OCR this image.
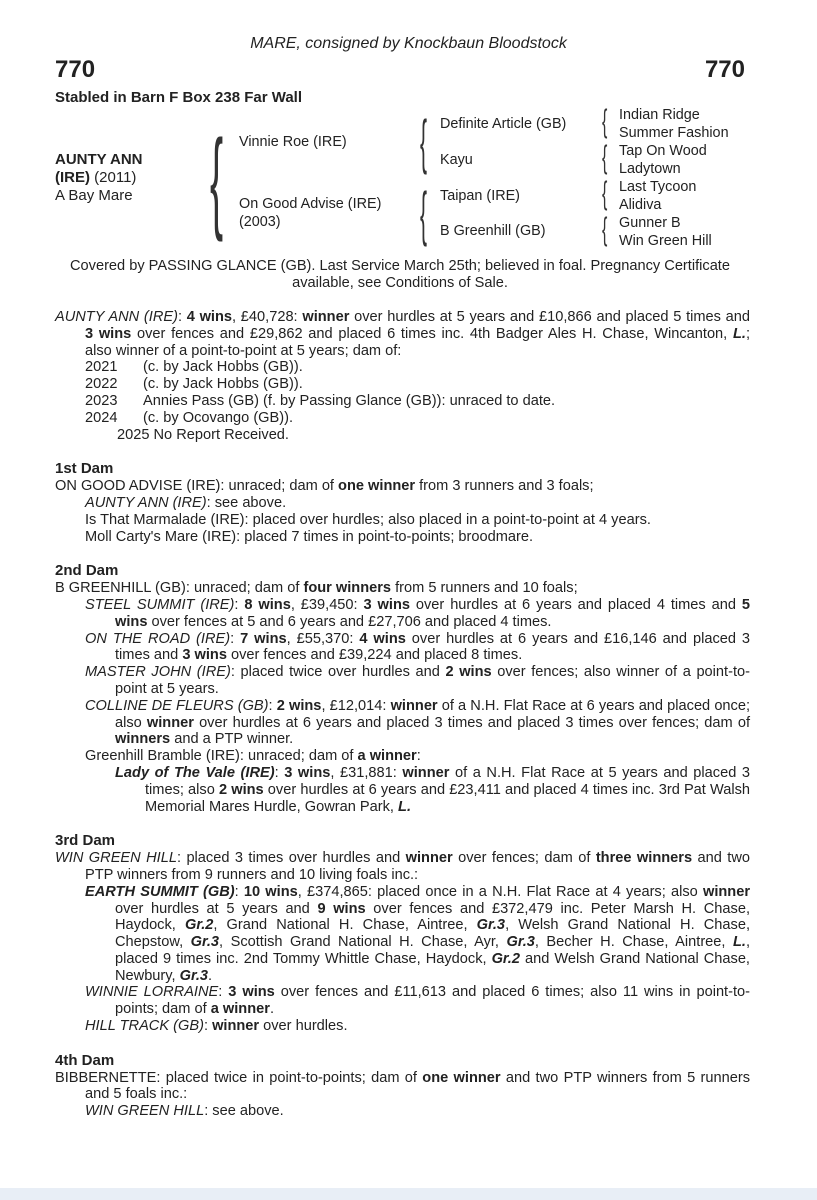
MARE, consigned by Knockbaun Bloodstock
770	770
Stabled in Barn F Box 238 Far Wall
AUNTY ANN
(IRE) (2011)
A Bay Mare {	{
{
{
{
{
{
Vinnie Roe (IRE)
On Good Advise (IRE)
(2003)
Definite Article (GB)
Kayu
Taipan (IRE)
B Greenhill (GB)
Indian Ridge
Summer Fashion
Tap On Wood
Ladytown
Last Tycoon
Alidiva
Gunner B
Win Green Hill
Covered by PASSING GLANCE (GB). Last Service March 25th; believed in foal. Pregnancy Certificate available, see Conditions of Sale.

AUNTY ANN (IRE): 4 wins, £40,728: winner over hurdles at 5 years and £10,866 and placed 5 times and 3 wins over fences and £29,862 and placed 6 times inc. 4th Badger Ales H. Chase, Wincanton, L.; also winner of a point-to-point at 5 years; dam of:

2021 (c. by Jack Hobbs (GB)).

2022 (c. by Jack Hobbs (GB)).

2023 Annies Pass (GB) (f. by Passing Glance (GB)): unraced to date.

2024 (c. by Ocovango (GB)).

2025 No Report Received.

1st Dam

ON GOOD ADVISE (IRE): unraced; dam of one winner from 3 runners and 3 foals;

AUNTY ANN (IRE): see above.

Is That Marmalade (IRE): placed over hurdles; also placed in a point-to-point at 4 years.

Moll Carty's Mare (IRE): placed 7 times in point-to-points; broodmare.

2nd Dam

B GREENHILL (GB): unraced; dam of four winners from 5 runners and 10 foals;

STEEL SUMMIT (IRE): 8 wins, £39,450: 3 wins over hurdles at 6 years and placed 4 times and 5 wins over fences at 5 and 6 years and £27,706 and placed 4 times.

ON THE ROAD (IRE): 7 wins, £55,370: 4 wins over hurdles at 6 years and £16,146 and placed 3 times and 3 wins over fences and £39,224 and placed 8 times.

MASTER JOHN (IRE): placed twice over hurdles and 2 wins over fences; also winner of a point-to-point at 5 years.

COLLINE DE FLEURS (GB): 2 wins, £12,014: winner of a N.H. Flat Race at 6 years and placed once; also winner over hurdles at 6 years and placed 3 times and placed 3 times over fences; dam of winners and a PTP winner.

Greenhill Bramble (IRE): unraced; dam of a winner:

Lady of The Vale (IRE): 3 wins, £31,881: winner of a N.H. Flat Race at 5 years and placed 3 times; also 2 wins over hurdles at 6 years and £23,411 and placed 4 times inc. 3rd Pat Walsh Memorial Mares Hurdle, Gowran Park, L.

3rd Dam

WIN GREEN HILL: placed 3 times over hurdles and winner over fences; dam of three winners and two PTP winners from 9 runners and 10 living foals inc.:

EARTH SUMMIT (GB): 10 wins, £374,865: placed once in a N.H. Flat Race at 4 years; also winner over hurdles at 5 years and 9 wins over fences and £372,479 inc. Peter Marsh H. Chase, Haydock, Gr.2, Grand National H. Chase, Aintree, Gr.3, Welsh Grand National H. Chase, Chepstow, Gr.3, Scottish Grand National H. Chase, Ayr, Gr.3, Becher H. Chase, Aintree, L., placed 9 times inc. 2nd Tommy Whittle Chase, Haydock, Gr.2 and Welsh Grand National Chase, Newbury, Gr.3.

WINNIE LORRAINE: 3 wins over fences and £11,613 and placed 6 times; also 11 wins in point-to-points; dam of a winner.

HILL TRACK (GB): winner over hurdles.

4th Dam

BIBBERNETTE: placed twice in point-to-points; dam of one winner and two PTP winners from 5 runners and 5 foals inc.:

WIN GREEN HILL: see above.
